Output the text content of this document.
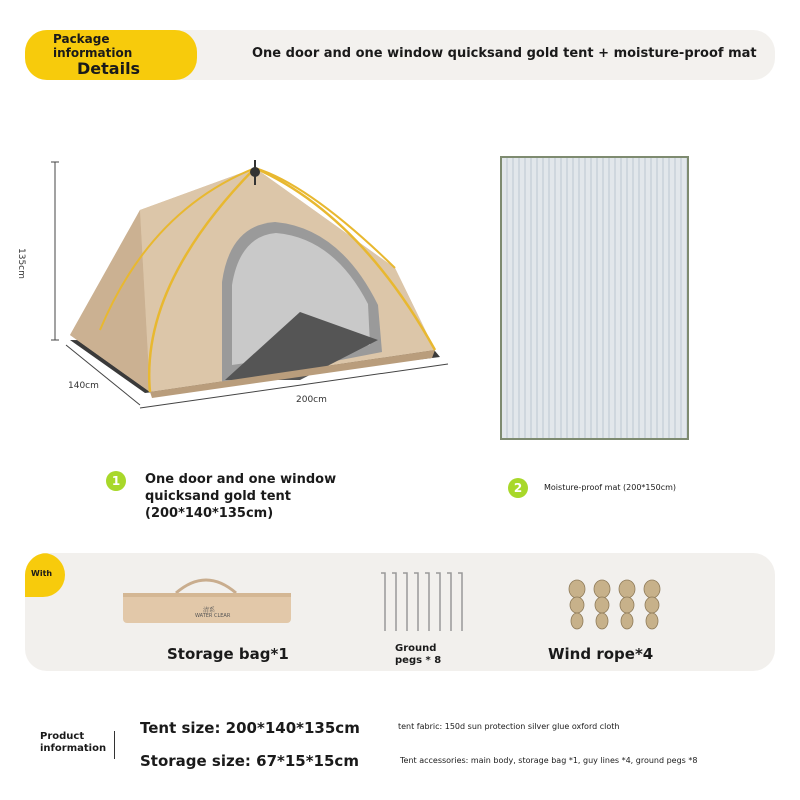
Package
information
Details
One door and one window quicksand gold tent + moisture-proof mat
135cm
140cm
200cm
1	One door and one window
quicksand gold tent
(200*140*135cm)
2	Moisture-proof mat (200*150cm)
With
清系
WATER CLEAR
Storage bag*1	Ground
pegs * 8	Wind rope*4
Product
information
Tent size: 200*140*135cm
Storage size: 67*15*15cm
tent fabric: 150d sun protection silver glue oxford cloth
Tent accessories: main body, storage bag *1, guy lines *4, ground pegs *8
